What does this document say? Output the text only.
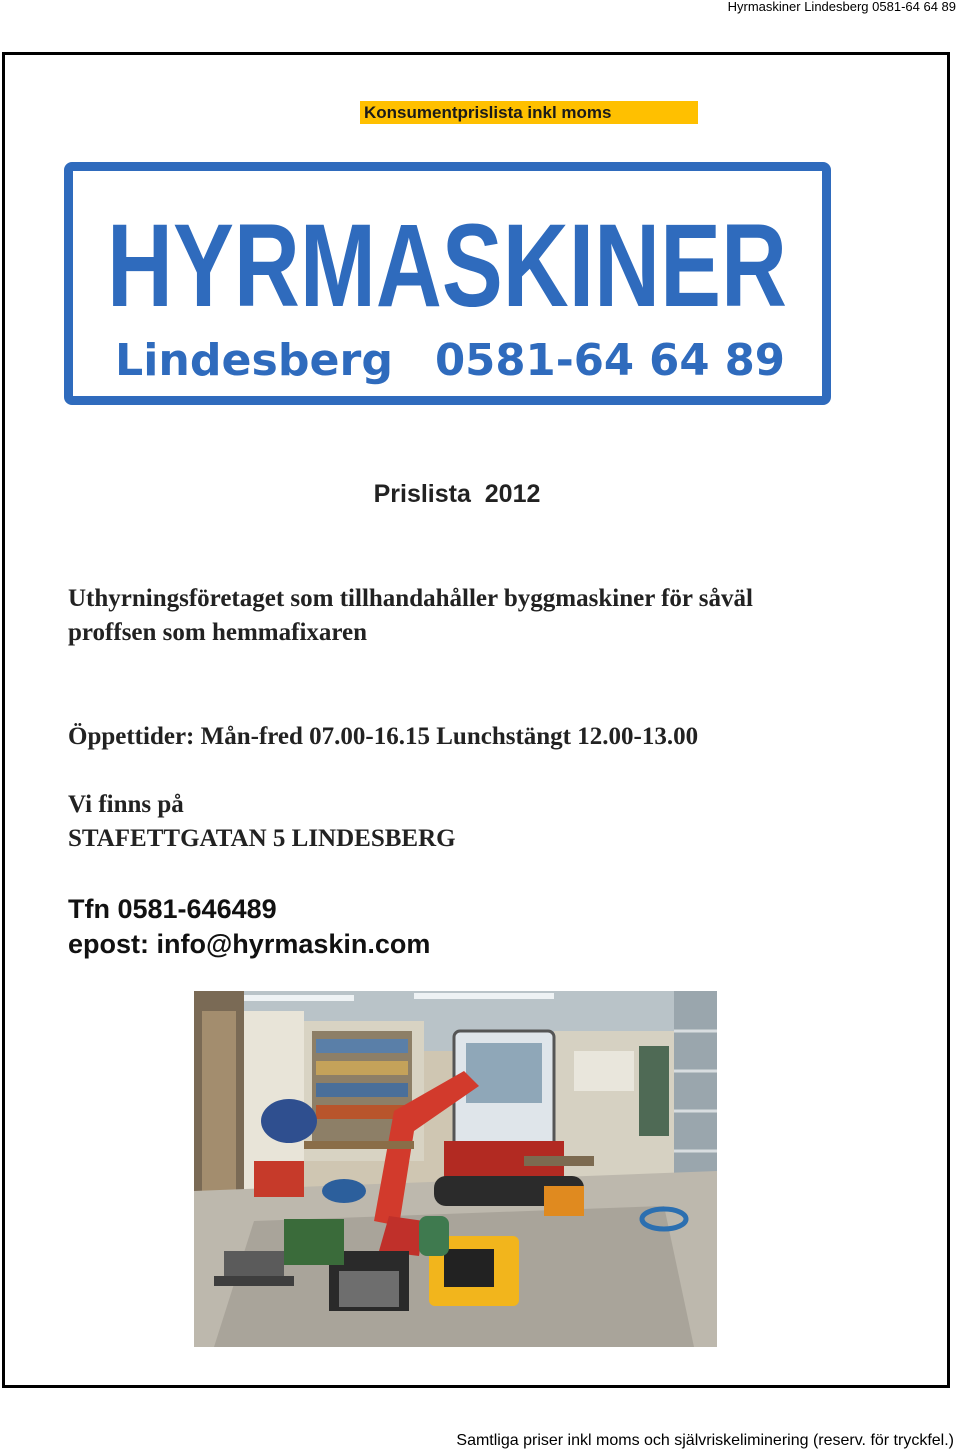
Hyrmaskiner Lindesberg 0581-64 64 89
Konsumentprislista inkl moms
HYRMASKINER
Lindesberg 0581-64 64 89
Prislista  2012
Uthyrningsföretaget som tillhandahåller byggmaskiner för såväl
proffsen som hemmafixaren
Öppettider: Mån-fred 07.00-16.15 Lunchstängt 12.00-13.00
Vi finns på
STAFETTGATAN 5 LINDESBERG
Tfn 0581-646489
epost: info@hyrmaskin.com
Samtliga priser inkl moms och självriskeliminering (reserv. för tryckfel.)
